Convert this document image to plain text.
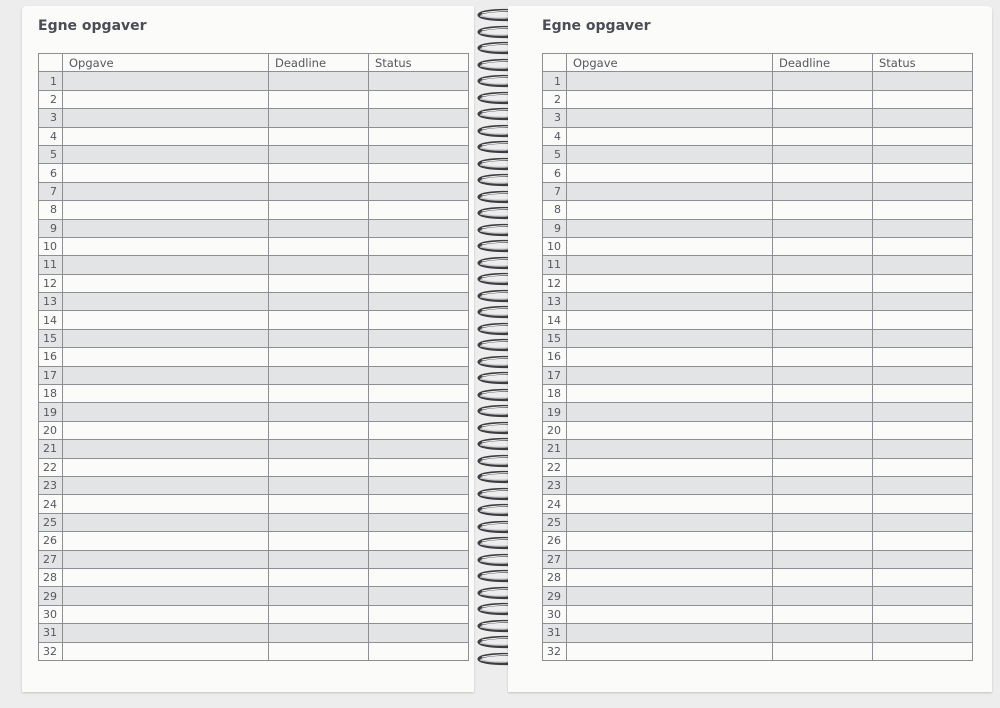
Egne opgaver
	Opgave	Deadline	Status
1			
2			
3			
4			
5			
6			
7			
8			
9			
10			
11			
12			
13			
14			
15			
16			
17			
18			
19			
20			
21			
22			
23			
24			
25			
26			
27			
28			
29			
30			
31			
32			
Egne opgaver
	Opgave	Deadline	Status
1			
2			
3			
4			
5			
6			
7			
8			
9			
10			
11			
12			
13			
14			
15			
16			
17			
18			
19			
20			
21			
22			
23			
24			
25			
26			
27			
28			
29			
30			
31			
32			
